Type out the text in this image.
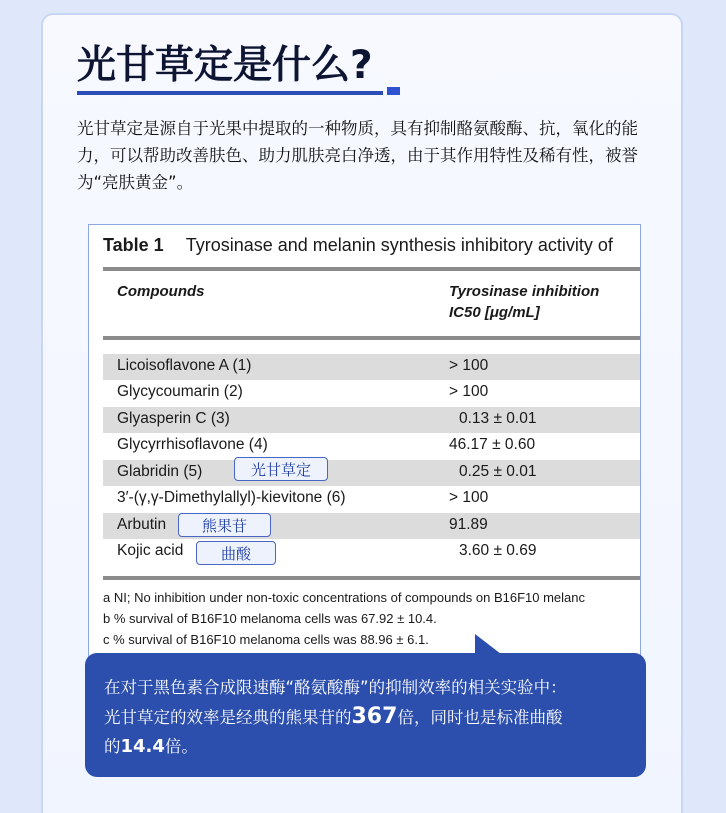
光甘草定是什么?
光甘草定是源自于光果中提取的一种物质，具有抑制酪氨酸酶、抗，氧化的能力，可以帮助改善肤色、助力肌肤亮白净透，由于其作用特性及稀有性，被誉为“亮肤黄金”。
Table 1 Tyrosinase and melanin synthesis inhibitory activity of
Compounds	Tyrosinase inhibition
IC50 [μg/mL]
Licoisoflavone A (1)	> 100
Glycycoumarin (2)	> 100
Glyasperin C (3)	0.13 ± 0.01
Glycyrrhisoflavone (4)	46.17 ± 0.60
Glabridin (5)	0.25 ± 0.01
3′-(γ,γ-Dimethylallyl)-kievitone (6)	> 100
Arbutin	91.89
Kojic acid	3.60 ± 0.69
光甘草定
熊果苷
曲酸
a NI; No inhibition under non-toxic concentrations of compounds on B16F10 melanc
b % survival of B16F10 melanoma cells was 67.92 ± 10.4.
c % survival of B16F10 melanoma cells was 88.96 ± 6.1.
在对于黑色素合成限速酶“酪氨酸酶”的抑制效率的相关实验中：
光甘草定的效率是经典的熊果苷的367倍，同时也是标准曲酸
的14.4倍。
